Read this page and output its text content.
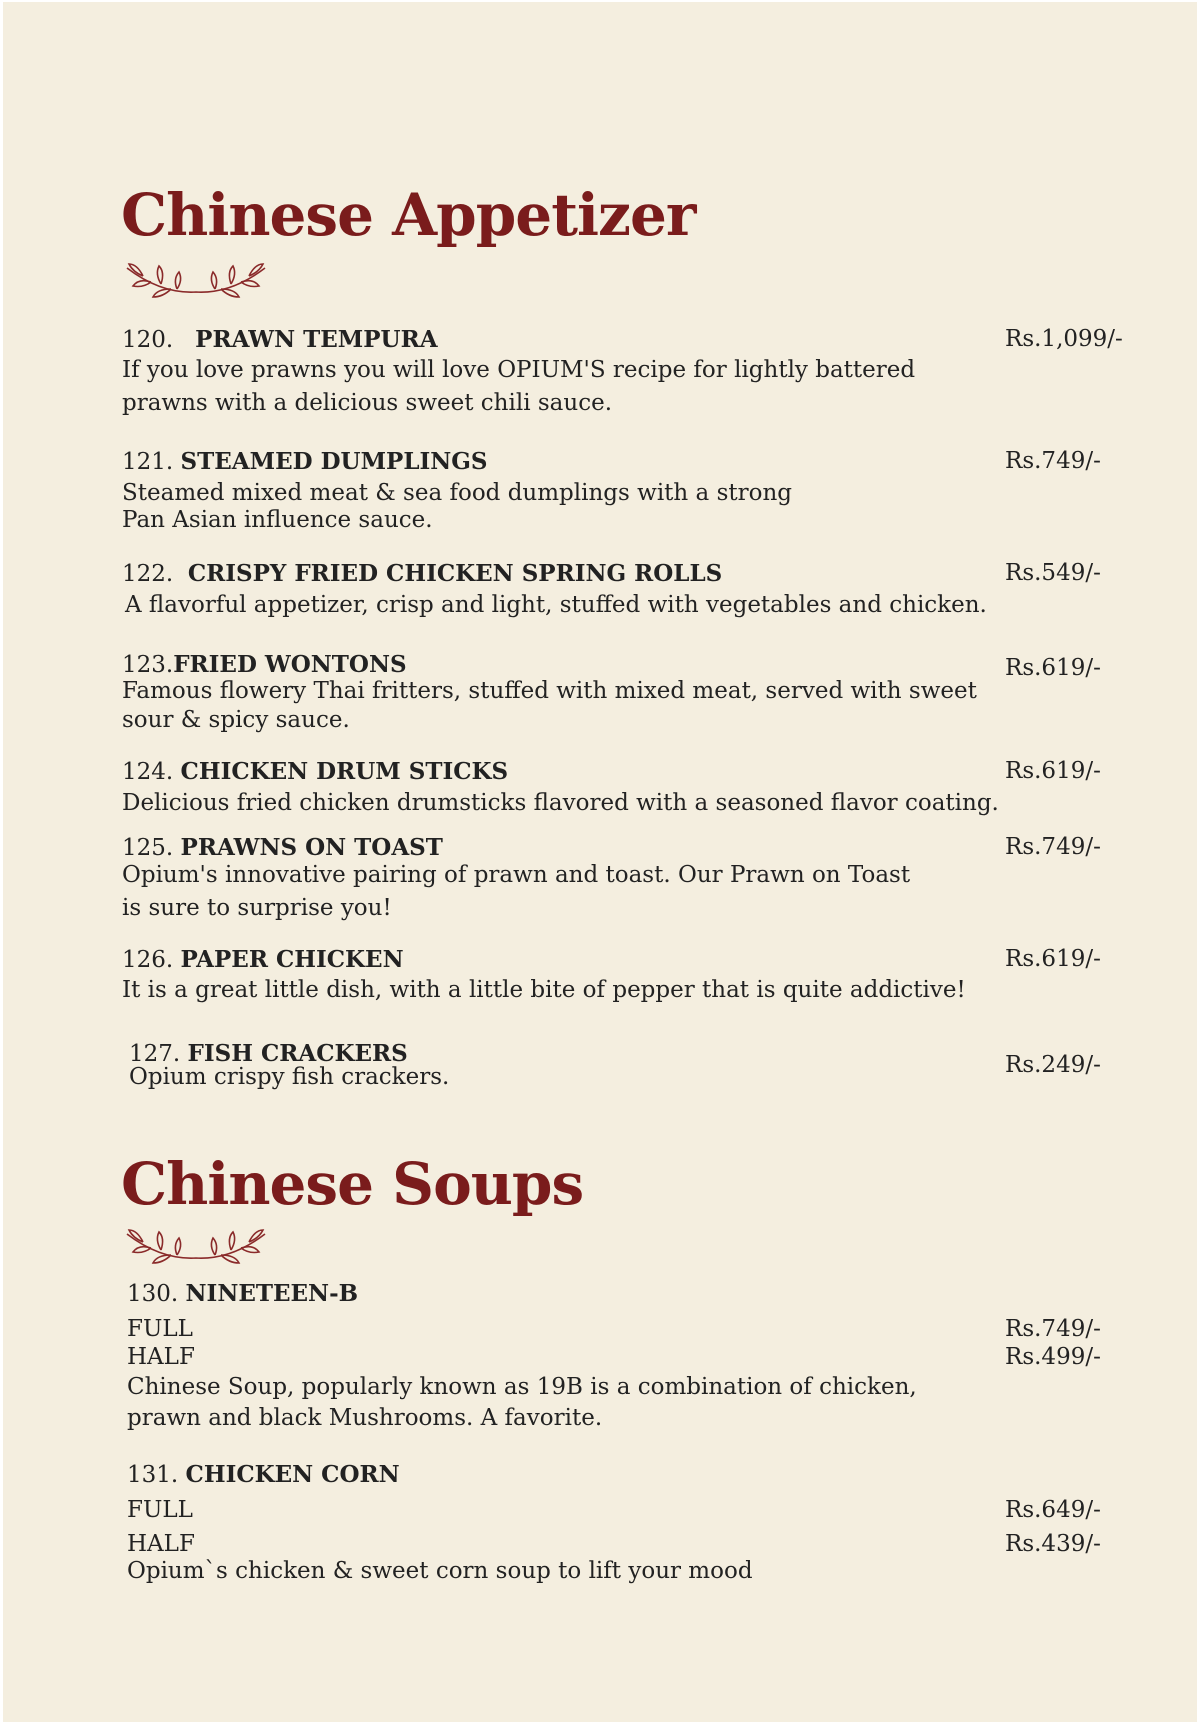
Chinese Appetizer
120. PRAWN TEMPURA	Rs.1,099/-
If you love prawns you will love OPIUM'S recipe for lightly battered
prawns with a delicious sweet chili sauce.
121. STEAMED DUMPLINGS	Rs.749/-
Steamed mixed meat & sea food dumplings with a strong
Pan Asian influence sauce.
122. CRISPY FRIED CHICKEN SPRING ROLLS	Rs.549/-
A flavorful appetizer, crisp and light, stuffed with vegetables and chicken.
123.FRIED WONTONS	Rs.619/-
Famous flowery Thai fritters, stuffed with mixed meat, served with sweet
sour & spicy sauce.
124. CHICKEN DRUM STICKS	Rs.619/-
Delicious fried chicken drumsticks flavored with a seasoned flavor coating.
125. PRAWNS ON TOAST	Rs.749/-
Opium's innovative pairing of prawn and toast. Our Prawn on Toast
is sure to surprise you!
126. PAPER CHICKEN	Rs.619/-
It is a great little dish, with a little bite of pepper that is quite addictive!
127. FISH CRACKERS	Rs.249/-
Opium crispy fish crackers.
Chinese Soups
130. NINETEEN-B
FULL	Rs.749/-
HALF	Rs.499/-
Chinese Soup, popularly known as 19B is a combination of chicken,
prawn and black Mushrooms. A favorite.
131. CHICKEN CORN
FULL	Rs.649/-
HALF	Rs.439/-
Opium`s chicken & sweet corn soup to lift your mood
